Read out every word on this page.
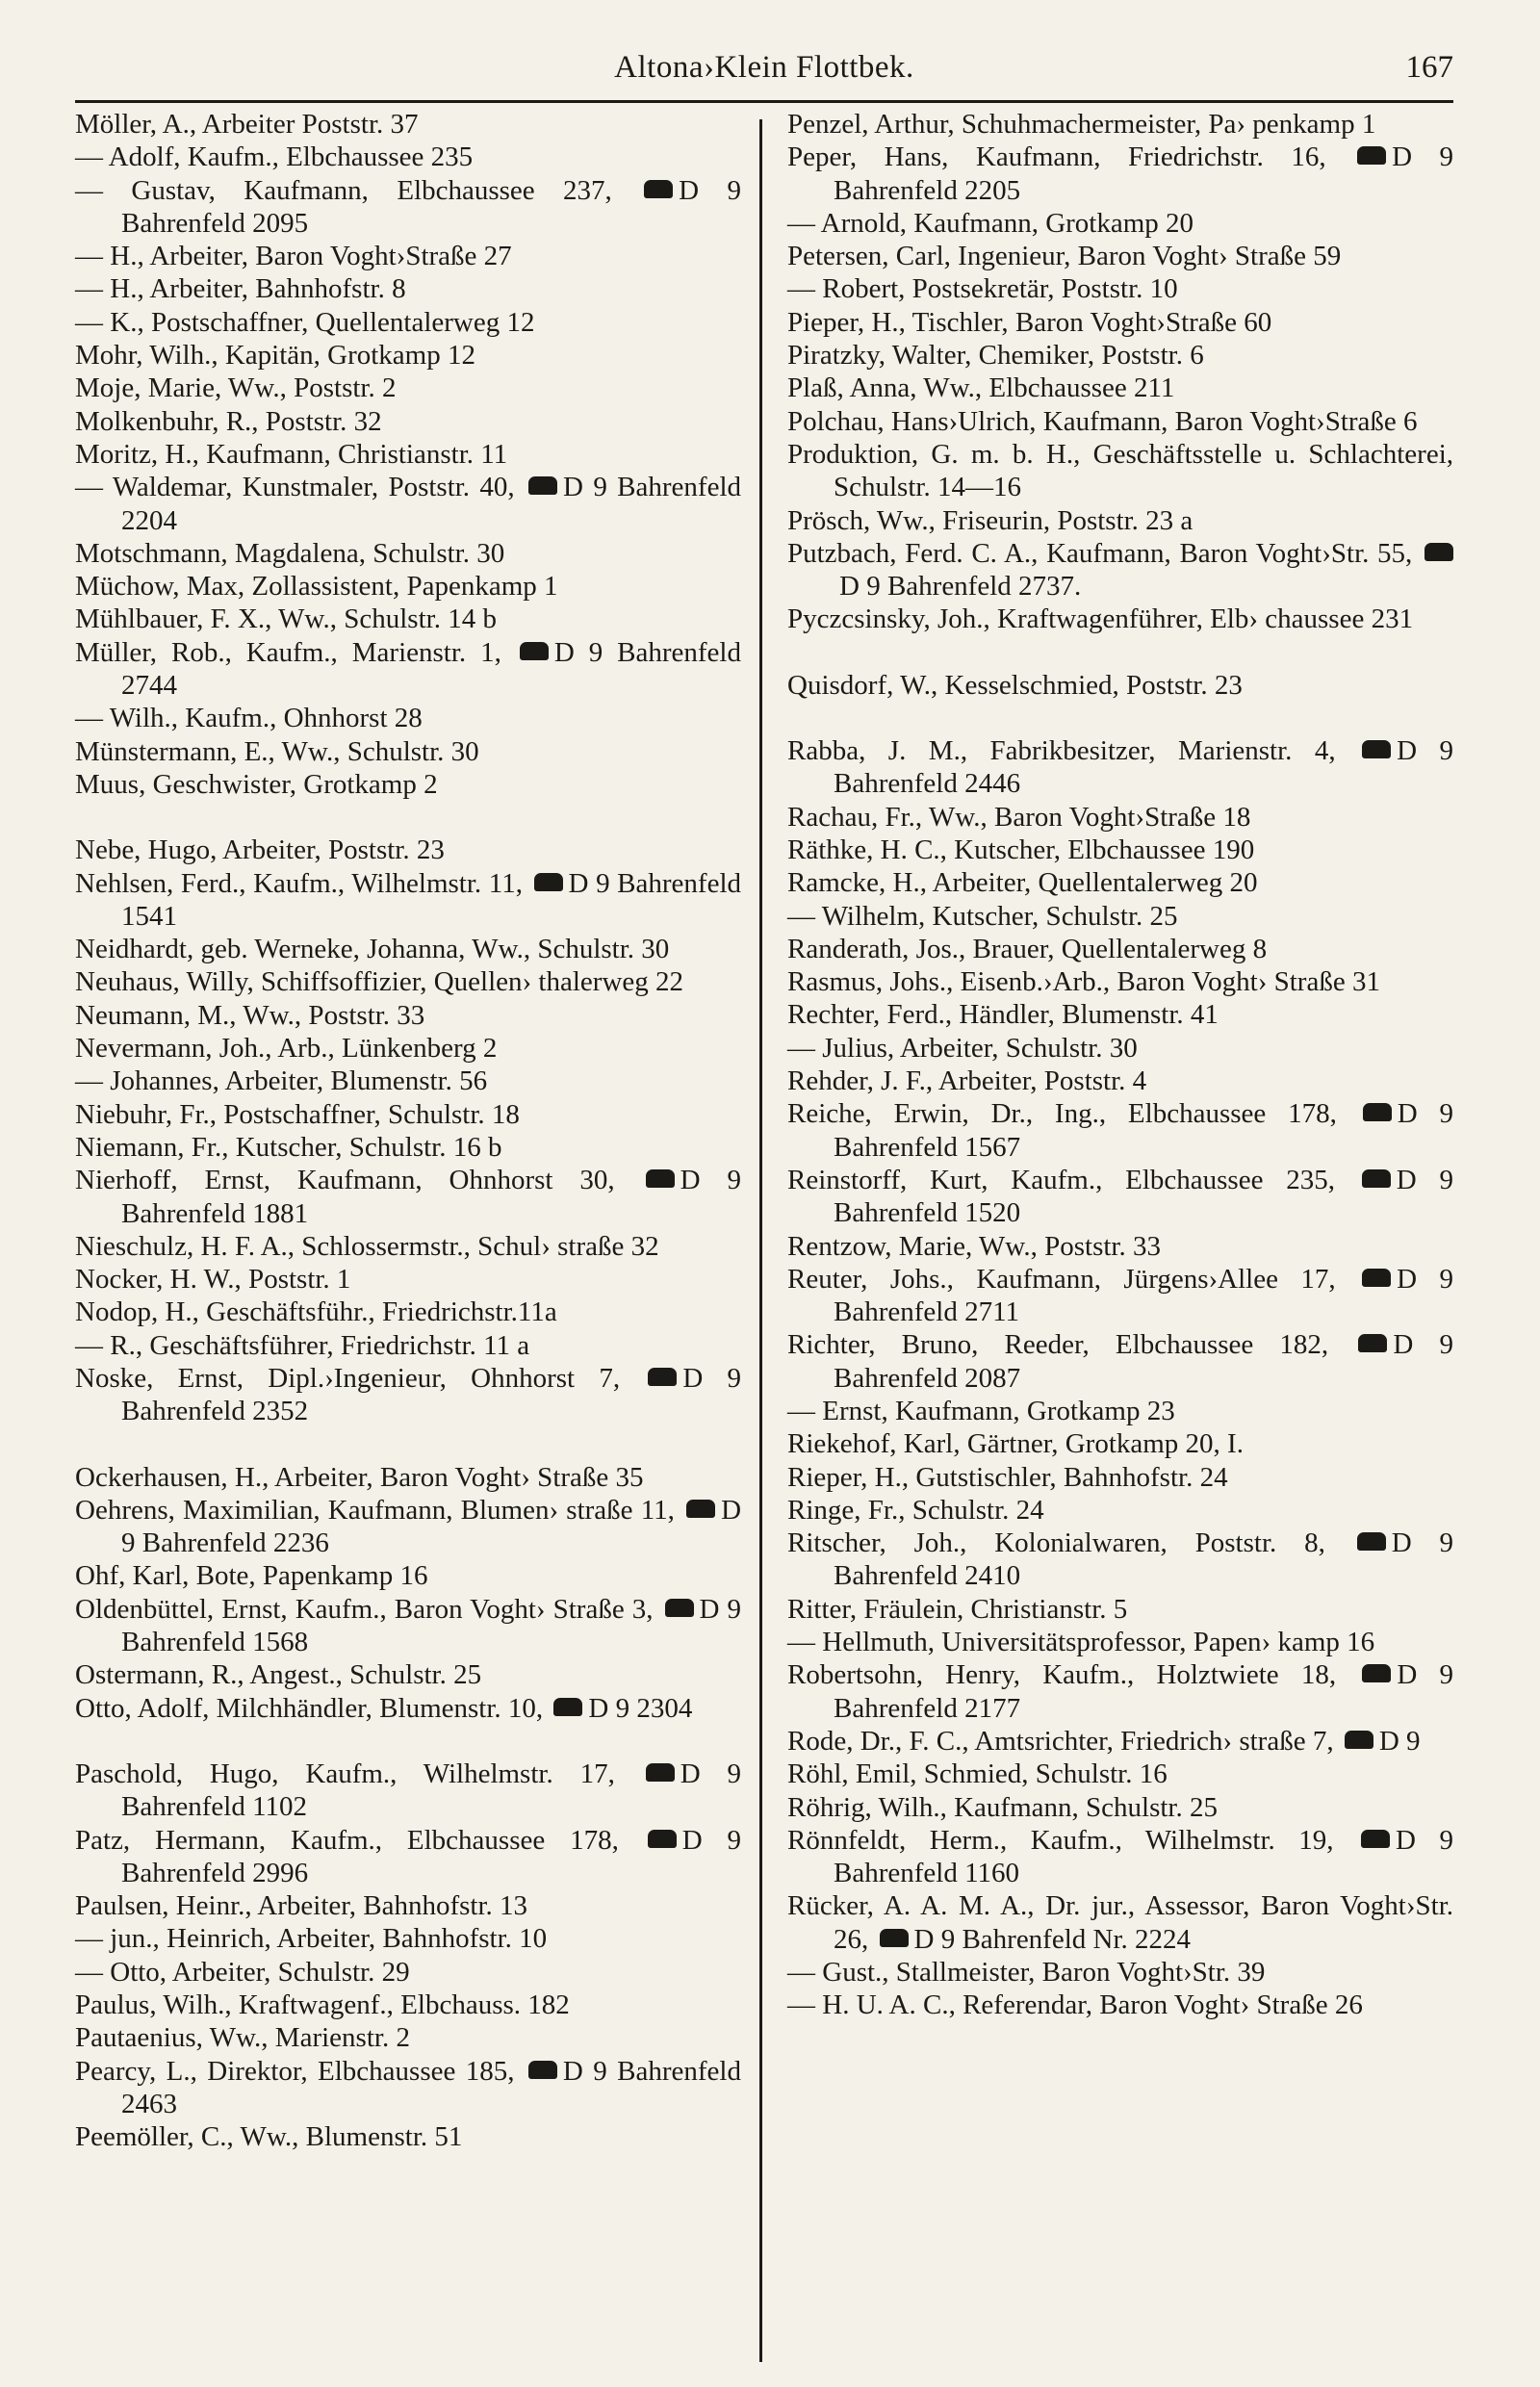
Altona›Klein Flottbek.	167
Möller, A., Arbeiter Poststr. 37
— Adolf, Kaufm., Elbchaussee 235
— Gustav, Kaufmann, Elbchaussee 237, D 9 Bahrenfeld 2095
— H., Arbeiter, Baron Voght›Straße 27
— H., Arbeiter, Bahnhofstr. 8
— K., Postschaffner, Quellentalerweg 12
Mohr, Wilh., Kapitän, Grotkamp 12
Moje, Marie, Ww., Poststr. 2
Molkenbuhr, R., Poststr. 32
Moritz, H., Kaufmann, Christianstr. 11
— Waldemar, Kunstmaler, Poststr. 40, D 9 Bahrenfeld 2204
Motschmann, Magdalena, Schulstr. 30
Müchow, Max, Zollassistent, Papenkamp 1
Mühlbauer, F. X., Ww., Schulstr. 14 b
Müller, Rob., Kaufm., Marienstr. 1, D 9 Bahrenfeld 2744
— Wilh., Kaufm., Ohnhorst 28
Münstermann, E., Ww., Schulstr. 30
Muus, Geschwister, Grotkamp 2
Nebe, Hugo, Arbeiter, Poststr. 23
Nehlsen, Ferd., Kaufm., Wilhelmstr. 11, D 9 Bahrenfeld 1541
Neidhardt, geb. Werneke, Johanna, Ww., Schulstr. 30
Neuhaus, Willy, Schiffsoffizier, Quellen› thalerweg 22
Neumann, M., Ww., Poststr. 33
Nevermann, Joh., Arb., Lünkenberg 2
— Johannes, Arbeiter, Blumenstr. 56
Niebuhr, Fr., Postschaffner, Schulstr. 18
Niemann, Fr., Kutscher, Schulstr. 16 b
Nierhoff, Ernst, Kaufmann, Ohnhorst 30, D 9 Bahrenfeld 1881
Nieschulz, H. F. A., Schlossermstr., Schul› straße 32
Nocker, H. W., Poststr. 1
Nodop, H., Geschäftsführ., Friedrichstr.11a
— R., Geschäftsführer, Friedrichstr. 11 a
Noske, Ernst, Dipl.›Ingenieur, Ohnhorst 7, D 9 Bahrenfeld 2352
Ockerhausen, H., Arbeiter, Baron Voght› Straße 35
Oehrens, Maximilian, Kaufmann, Blumen› straße 11, D 9 Bahrenfeld 2236
Ohf, Karl, Bote, Papenkamp 16
Oldenbüttel, Ernst, Kaufm., Baron Voght› Straße 3, D 9 Bahrenfeld 1568
Ostermann, R., Angest., Schulstr. 25
Otto, Adolf, Milchhändler, Blumenstr. 10, D 9 2304
Paschold, Hugo, Kaufm., Wilhelmstr. 17, D 9 Bahrenfeld 1102
Patz, Hermann, Kaufm., Elbchaussee 178, D 9 Bahrenfeld 2996
Paulsen, Heinr., Arbeiter, Bahnhofstr. 13
— jun., Heinrich, Arbeiter, Bahnhofstr. 10
— Otto, Arbeiter, Schulstr. 29
Paulus, Wilh., Kraftwagenf., Elbchauss. 182
Pautaenius, Ww., Marienstr. 2
Pearcy, L., Direktor, Elbchaussee 185, D 9 Bahrenfeld 2463
Peemöller, C., Ww., Blumenstr. 51
Penzel, Arthur, Schuhmachermeister, Pa› penkamp 1
Peper, Hans, Kaufmann, Friedrichstr. 16, D 9 Bahrenfeld 2205
— Arnold, Kaufmann, Grotkamp 20
Petersen, Carl, Ingenieur, Baron Voght› Straße 59
— Robert, Postsekretär, Poststr. 10
Pieper, H., Tischler, Baron Voght›Straße 60
Piratzky, Walter, Chemiker, Poststr. 6
Plaß, Anna, Ww., Elbchaussee 211
Polchau, Hans›Ulrich, Kaufmann, Baron Voght›Straße 6
Produktion, G. m. b. H., Geschäftsstelle u. Schlachterei, Schulstr. 14—16
Prösch, Ww., Friseurin, Poststr. 23 a
Putzbach, Ferd. C. A., Kaufmann, Baron Voght›Str. 55, D 9 Bahrenfeld 2737.
Pyczcsinsky, Joh., Kraftwagenführer, Elb› chaussee 231
Quisdorf, W., Kesselschmied, Poststr. 23
Rabba, J. M., Fabrikbesitzer, Marienstr. 4, D 9 Bahrenfeld 2446
Rachau, Fr., Ww., Baron Voght›Straße 18
Räthke, H. C., Kutscher, Elbchaussee 190
Ramcke, H., Arbeiter, Quellentalerweg 20
— Wilhelm, Kutscher, Schulstr. 25
Randerath, Jos., Brauer, Quellentalerweg 8
Rasmus, Johs., Eisenb.›Arb., Baron Voght› Straße 31
Rechter, Ferd., Händler, Blumenstr. 41
— Julius, Arbeiter, Schulstr. 30
Rehder, J. F., Arbeiter, Poststr. 4
Reiche, Erwin, Dr., Ing., Elbchaussee 178, D 9 Bahrenfeld 1567
Reinstorff, Kurt, Kaufm., Elbchaussee 235, D 9 Bahrenfeld 1520
Rentzow, Marie, Ww., Poststr. 33
Reuter, Johs., Kaufmann, Jürgens›Allee 17, D 9 Bahrenfeld 2711
Richter, Bruno, Reeder, Elbchaussee 182, D 9 Bahrenfeld 2087
— Ernst, Kaufmann, Grotkamp 23
Riekehof, Karl, Gärtner, Grotkamp 20, I.
Rieper, H., Gutstischler, Bahnhofstr. 24
Ringe, Fr., Schulstr. 24
Ritscher, Joh., Kolonialwaren, Poststr. 8, D 9 Bahrenfeld 2410
Ritter, Fräulein, Christianstr. 5
— Hellmuth, Universitätsprofessor, Papen› kamp 16
Robertsohn, Henry, Kaufm., Holztwiete 18, D 9 Bahrenfeld 2177
Rode, Dr., F. C., Amtsrichter, Friedrich› straße 7, D 9
Röhl, Emil, Schmied, Schulstr. 16
Röhrig, Wilh., Kaufmann, Schulstr. 25
Rönnfeldt, Herm., Kaufm., Wilhelmstr. 19, D 9 Bahrenfeld 1160
Rücker, A. A. M. A., Dr. jur., Assessor, Baron Voght›Str. 26, D 9 Bahrenfeld Nr. 2224
— Gust., Stallmeister, Baron Voght›Str. 39
— H. U. A. C., Referendar, Baron Voght› Straße 26
